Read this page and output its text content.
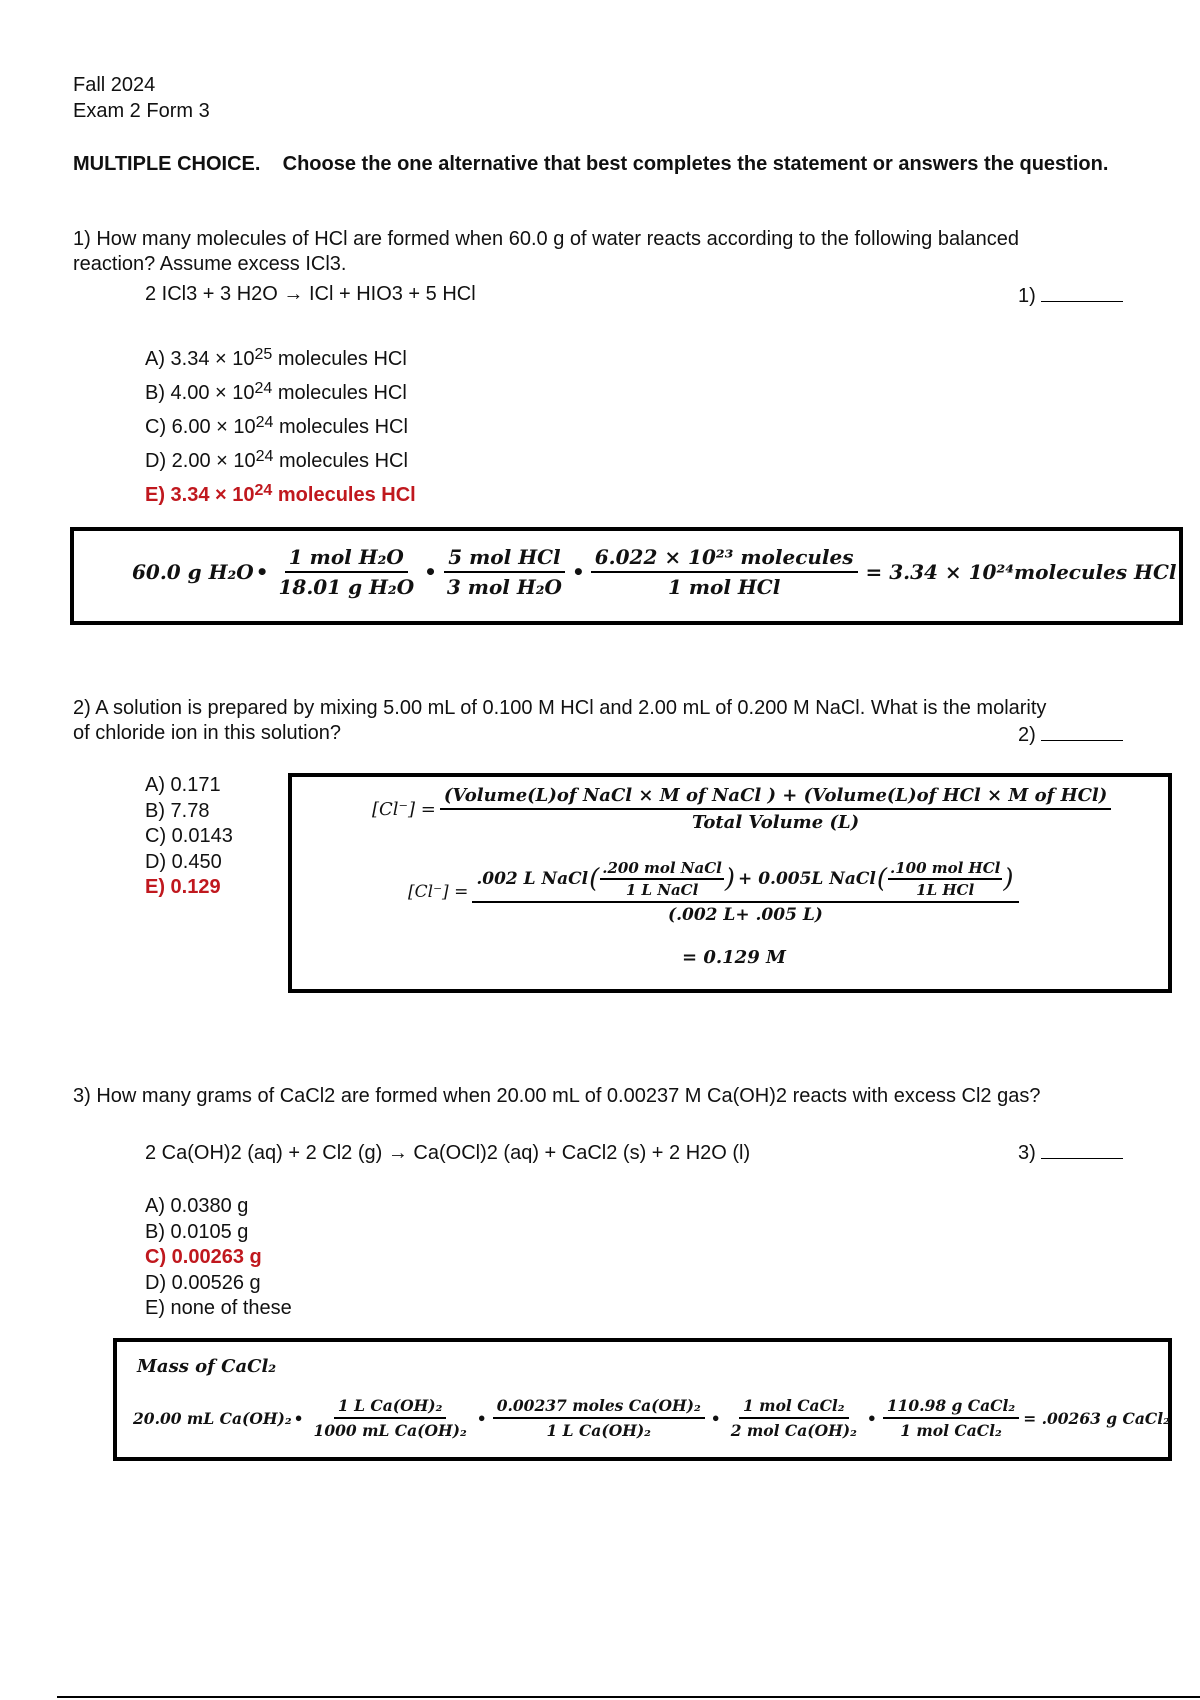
Fall 2024
Exam 2 Form 3
MULTIPLE CHOICE. Choose the one alternative that best completes the statement or answers the question.
1) How many molecules of HCl are formed when 60.0 g of water reacts according to the following balanced
reaction? Assume excess ICl3.
2 ICl3 + 3 H2O → ICl + HIO3 + 5 HCl	1)
A) $3.34 \times 10^{25}$ molecules HCl
B) $4.00 \times 10^{24}$ molecules HCl
C) $6.00 \times 10^{24}$ molecules HCl
D) $2.00 \times 10^{24}$ molecules HCl
E) $3.34 \times 10^{24}$ molecules HCl
60.0 g H₂O • $\frac{\text{1 mol H₂O}}{\text{18.01 g H₂O}}$ • $\frac{\text{5 mol HCl}}{\text{3 mol H₂O}}$ • $\frac{\text{6.022 × 10²³ molecules}}{\text{1 mol HCl}} = 3.34$ × 10²⁴molecules HCl
2) A solution is prepared by mixing 5.00 mL of 0.100 M HCl and 2.00 mL of 0.200 M NaCl. What is the molarity
of chloride ion in this solution?	2)
A) 0.171
B) 7.78
C) 0.0143
D) 0.450
E) 0.129
[Cl⁻] =
(Volume(L)of NaCl × M of NaCl ) + (Volume(L)of HCl × M of HCl)
Total Volume (L)
[Cl⁻] =
.002 L NaCl ( $\frac{\text{.200 mol NaCl}}{\text{1 L NaCl}}$ ) + 0.005L NaCl ( $\frac{\text{.100 mol HCl}}{\text{1L HCl}}$ )
(.002 L+ .005 L)
= 0.129 M
3) How many grams of CaCl2 are formed when 20.00 mL of 0.00237 M Ca(OH)2 reacts with excess Cl2 gas?
2 Ca(OH)2 (aq) + 2 Cl2 (g) → Ca(OCl)2 (aq) + CaCl2 (s) + 2 H2O (l)	3)
A) 0.0380 g
B) 0.0105 g
C) 0.00263 g
D) 0.00526 g
E) none of these
Mass of CaCl₂
20.00 mL Ca(OH)₂ • $\frac{\text{1 L Ca(OH)₂}}{\text{1000 mL Ca(OH)₂}}$ • $\frac{\text{0.00237 moles Ca(OH)₂}}{\text{1 L Ca(OH)₂}}$ • $\frac{\text{1 mol CaCl₂}}{\text{2 mol Ca(OH)₂}}$ • $\frac{\text{110.98 g CaCl₂}}{\text{1 mol CaCl₂}} = .00263$ g CaCl₂
